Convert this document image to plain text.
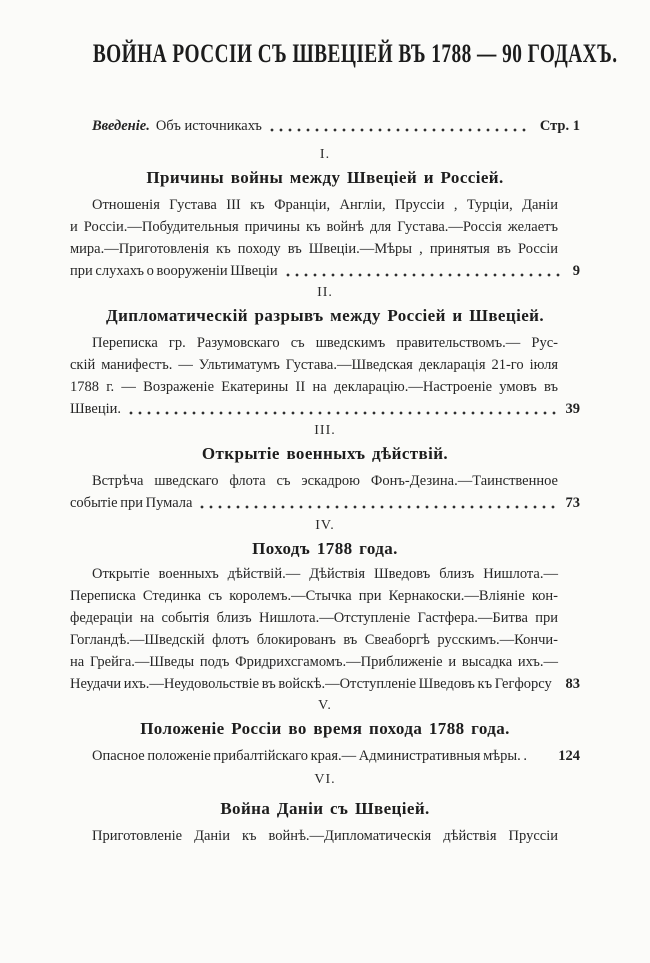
ВОЙНА РОССІИ СЪ ШВЕЦІЕЙ ВЪ 1788 — 90 ГОДАХЪ.
Введеніе. Объ источникахъ	Стр. 1
I.
Причины войны между Швеціей и Россіей.
Отношенія Густава III къ Франціи, Англіи, Пруссіи , Турціи, Даніи
и Россіи.—Побудительныя причины къ войнѣ для Густава.—Россія желаетъ
мира.—Приготовленія къ походу въ Швеціи.—Мѣры , принятыя въ Россіи
при слухахъ о вооруженіи Швеціи	9
II.
Дипломатическій разрывъ между Россіей и Швеціей.
Переписка гр. Разумовскаго съ шведскимъ правительствомъ.— Рус-
скій манифестъ. — Ультиматумъ Густава.—Шведская декларація 21-го іюля
1788 г. — Возраженіе Екатерины II на декларацію.—Настроеніе умовъ въ
Швеціи.	39
III.
Открытіе военныхъ дѣйствій.
Встрѣча шведскаго флота съ эскадрою Фонъ-Дезина.—Таинственное
событіе при Пумала	73
IV.
Походъ 1788 года.
Открытіе военныхъ дѣйствій.— Дѣйствія Шведовъ близъ Нишлота.—
Переписка Стединка съ королемъ.—Стычка при Кернакоски.—Вліяніе кон-
федераціи на событія близъ Нишлота.—Отступленіе Гастфера.—Битва при
Гогландѣ.—Шведскій флотъ блокированъ въ Свеаборгѣ русскимъ.—Кончи-
на Грейга.—Шведы подъ Фридрихсгамомъ.—Приближеніе и высадка ихъ.—
Неудачи ихъ.—Неудовольствіе въ войскѣ.—Отступленіе Шведовъ къ Гегфорсу 83
V.
Положеніе Россіи во время похода 1788 года.
Опасное положеніе прибалтійскаго края.— Административныя мѣры. . 124
VI.
Война Даніи съ Швеціей.
Приготовленіе Даніи къ войнѣ.—Дипломатическія дѣйствія Пруссіи
